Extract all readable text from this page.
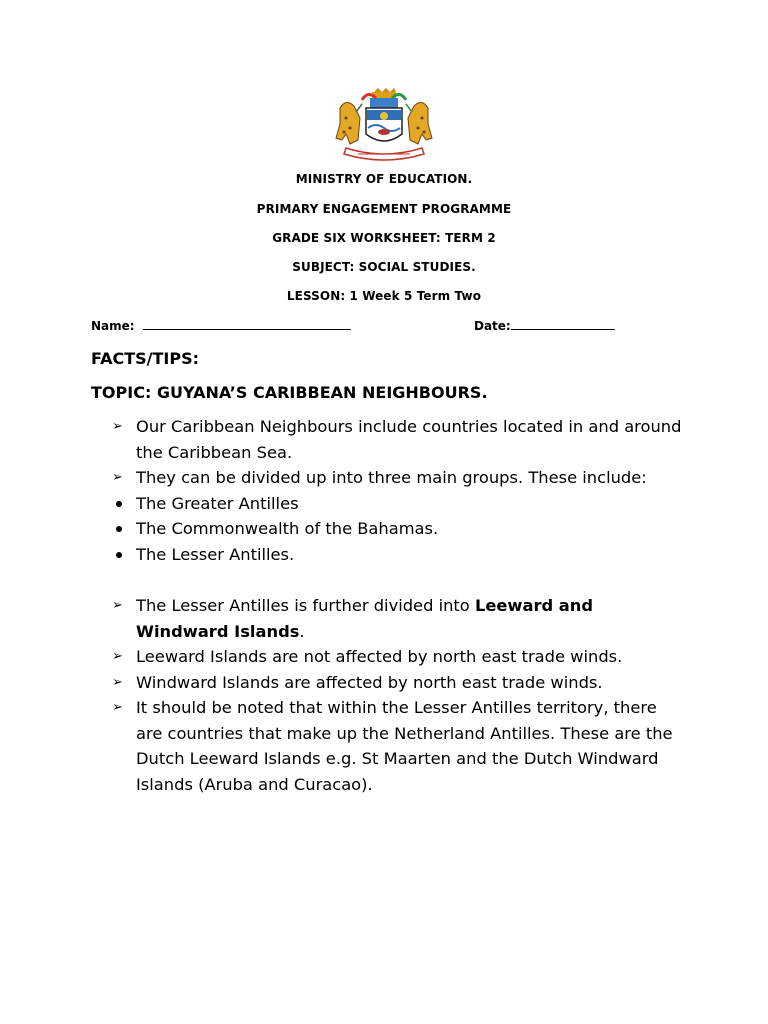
MINISTRY OF EDUCATION.
PRIMARY ENGAGEMENT PROGRAMME
GRADE SIX WORKSHEET: TERM 2
SUBJECT: SOCIAL STUDIES.
LESSON: 1 Week 5 Term Two
Name:	Date:
FACTS/TIPS:
TOPIC: GUYANA’S CARIBBEAN NEIGHBOURS.
➢ Our Caribbean Neighbours include countries located in and around the Caribbean Sea.
➢ They can be divided up into three main groups. These include:
The Greater Antilles
The Commonwealth of the Bahamas.
The Lesser Antilles.
➢ The Lesser Antilles is further divided into Leeward and Windward Islands.
➢ Leeward Islands are not affected by north east trade winds.
➢ Windward Islands are affected by north east trade winds.
➢ It should be noted that within the Lesser Antilles territory, there are countries that make up the Netherland Antilles. These are the Dutch Leeward Islands e.g. St Maarten and the Dutch Windward Islands (Aruba and Curacao).
